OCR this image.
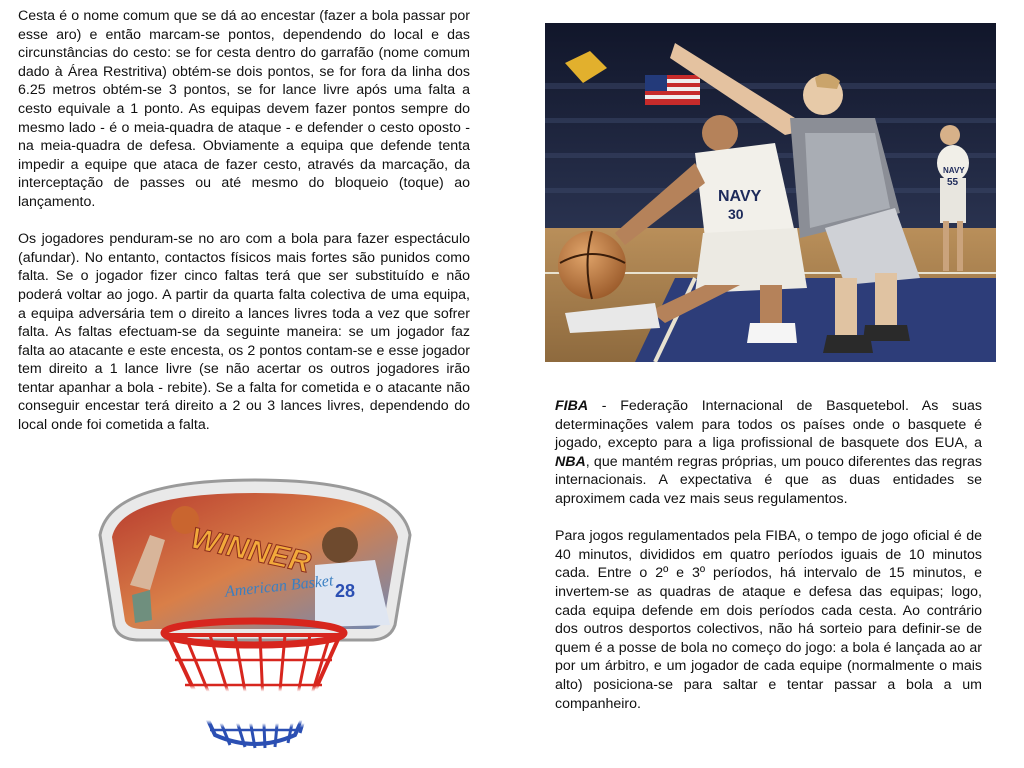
Cesta é o nome comum que se dá ao encestar (fazer a bola passar por esse aro) e então marcam-se pontos, dependendo do local e das circunstâncias do cesto: se for cesta dentro do garrafão (nome comum dado à Área Restritiva) obtém-se dois pontos, se for fora da linha dos 6.25 metros obtém-se 3 pontos, se for lance livre após uma falta a cesto equivale a 1 ponto. As equipas devem fazer pontos sempre do mesmo lado - é o meia-quadra de ataque - e defender o cesto oposto - na meia-quadra de defesa. Obviamente a equipa que defende tenta impedir a equipe que ataca de fazer cesto, através da marcação, da interceptação de passes ou até mesmo do bloqueio (toque) ao lançamento.

Os jogadores penduram-se no aro com a bola para fazer espectáculo (afundar). No entanto, contactos físicos mais fortes são punidos como falta. Se o jogador fizer cinco faltas terá que ser substituído e não poderá voltar ao jogo. A partir da quarta falta colectiva de uma equipa, a equipa adversária tem o direito a lances livres toda a vez que sofrer falta. As faltas efectuam-se da seguinte maneira: se um jogador faz falta ao atacante e este encesta, os 2 pontos contam-se e esse jogador tem direito a 1 lance livre (se não acertar os outros jogadores irão tentar apanhar a bola - rebite). Se a falta for cometida e o atacante não conseguir encestar terá direito a 2 ou 3 lances livres, dependendo do local onde foi cometida a falta.

FIBA - Federação Internacional de Basquetebol. As suas determinações valem para todos os países onde o basquete é jogado, excepto para a liga profissional de basquete dos EUA, a NBA, que mantém regras próprias, um pouco diferentes das regras internacionais. A expectativa é que as duas entidades se aproximem cada vez mais seus regulamentos.

Para jogos regulamentados pela FIBA, o tempo de jogo oficial é de 40 minutos, divididos em quatro períodos iguais de 10 minutos cada. Entre o 2º e 3º períodos, há intervalo de 15 minutos, e invertem-se as quadras de ataque e defesa das equipas; logo, cada equipa defende em dois períodos cada cesta. Ao contrário dos outros desportos colectivos, não há sorteio para definir-se de quem é a posse de bola no começo do jogo: a bola é lançada ao ar por um árbitro, e um jogador de cada equipe (normalmente o mais alto) posiciona-se para saltar e tentar passar a bola a um companheiro.

NAVY
55
NAVY
30
28
WINNER
American Basket
